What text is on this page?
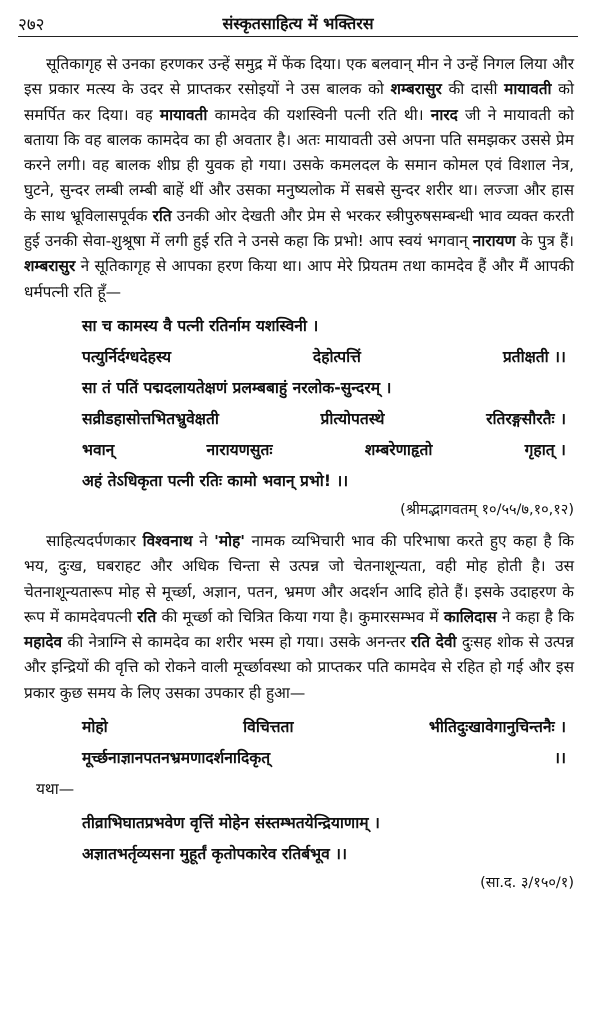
२७२	संस्कृतसाहित्य में भक्तिरस

सूतिकागृह से उनका हरणकर उन्हें समुद्र में फेंक दिया। एक बलवान् मीन ने उन्हें निगल लिया और इस प्रकार मत्स्य के उदर से प्राप्तकर रसोइयों ने उस बालक को शम्बरासुर की दासी मायावती को समर्पित कर दिया। वह मायावती कामदेव की यशस्विनी पत्नी रति थी। नारद जी ने मायावती को बताया कि वह बालक कामदेव का ही अवतार है। अतः मायावती उसे अपना पति समझकर उससे प्रेम करने लगी। वह बालक शीघ्र ही युवक हो गया। उसके कमलदल के समान कोमल एवं विशाल नेत्र, घुटने, सुन्दर लम्बी लम्बी बाहें थीं और उसका मनुष्यलोक में सबसे सुन्दर शरीर था। लज्जा और हास के साथ भ्रूविलासपूर्वक रति उनकी ओर देखती और प्रेम से भरकर स्त्रीपुरुषसम्बन्धी भाव व्यक्त करती हुई उनकी सेवा-शुश्रूषा में लगी हुई रति ने उनसे कहा कि प्रभो! आप स्वयं भगवान् नारायण के पुत्र हैं। शम्बरासुर ने सूतिकागृह से आपका हरण किया था। आप मेरे प्रियतम तथा कामदेव हैं और मैं आपकी धर्मपत्नी रति हूँ—

सा च कामस्य वै पत्नी रतिर्नाम यशस्विनी ।
पत्युर्निर्दग्धदेहस्य	देहोत्पत्तिं	प्रतीक्षती ।।
सा तं पतिं पद्मदलायतेक्षणं प्रलम्बबाहुं नरलोक-सुन्दरम् ।
सव्रीडहासोत्तभितभ्रुवेक्षती	प्रीत्योपतस्थे	रतिरङ्गसौरतैः ।
भवान्	नारायणसुतः	शम्बरेणाहृतो	गृहात् ।
अहं तेऽधिकृता पत्नी रतिः कामो भवान् प्रभो! ।।
(श्रीमद्भागवतम् १०/५५/७,१०,१२)

साहित्यदर्पणकार विश्वनाथ ने 'मोह' नामक व्यभिचारी भाव की परिभाषा करते हुए कहा है कि भय, दुःख, घबराहट और अधिक चिन्ता से उत्पन्न जो चेतनाशून्यता, वही मोह होती है। उस चेतनाशून्यतारूप मोह से मूर्च्छा, अज्ञान, पतन, भ्रमण और अदर्शन आदि होते हैं। इसके उदाहरण के रूप में कामदेवपत्नी रति की मूर्च्छा को चित्रित किया गया है। कुमारसम्भव में कालिदास ने कहा है कि महादेव की नेत्राग्नि से कामदेव का शरीर भस्म हो गया। उसके अनन्तर रति देवी दुःसह शोक से उत्पन्न और इन्द्रियों की वृत्ति को रोकने वाली मूर्च्छावस्था को प्राप्तकर पति कामदेव से रहित हो गई और इस प्रकार कुछ समय के लिए उसका उपकार ही हुआ—

मोहो	विचित्तता	भीतिदुःखावेगानुचिन्तनैः ।
मूर्च्छनाज्ञानपतनभ्रमणादर्शनादिकृत्	।।
यथा—
तीव्राभिघातप्रभवेण वृत्तिं मोहेन संस्तम्भतयेन्द्रियाणाम् ।
अज्ञातभर्तृव्यसना मुहूर्तं कृतोपकारेव रतिर्बभूव ।।
(सा.द. ३/१५०/१)
